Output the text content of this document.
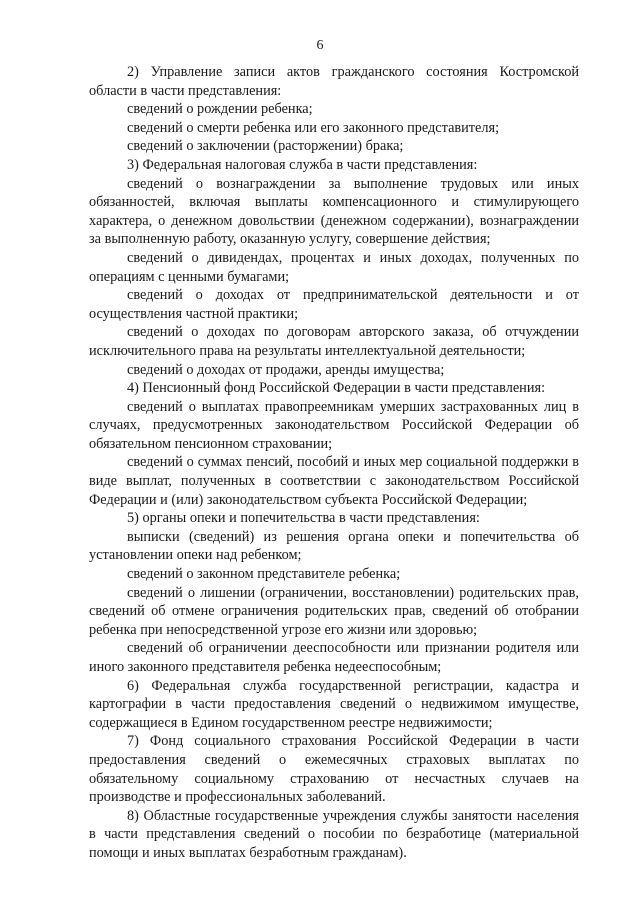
6

2) Управление записи актов гражданского состояния Костромской области в части представления:

сведений о рождении ребенка;

сведений о смерти ребенка или его законного представителя;

сведений о заключении (расторжении) брака;

3) Федеральная налоговая служба в части представления:

сведений о вознаграждении за выполнение трудовых или иных обязанностей, включая выплаты компенсационного и стимулирующего характера, о денежном довольствии (денежном содержании), вознаграждении за выполненную работу, оказанную услугу, совершение действия;

сведений о дивидендах, процентах и иных доходах, полученных по операциям с ценными бумагами;

сведений о доходах от предпринимательской деятельности и от осуществления частной практики;

сведений о доходах по договорам авторского заказа, об отчуждении исключительного права на результаты интеллектуальной деятельности;

сведений о доходах от продажи, аренды имущества;

4) Пенсионный фонд Российской Федерации в части представления:

сведений о выплатах правопреемникам умерших застрахованных лиц в случаях, предусмотренных законодательством Российской Федерации об обязательном пенсионном страховании;

сведений о суммах пенсий, пособий и иных мер социальной поддержки в виде выплат, полученных в соответствии с законодательством Российской Федерации и (или) законодательством субъекта Российской Федерации;

5) органы опеки и попечительства в части представления:

выписки (сведений) из решения органа опеки и попечительства об установлении опеки над ребенком;

сведений о законном представителе ребенка;

сведений о лишении (ограничении, восстановлении) родительских прав, сведений об отмене ограничения родительских прав, сведений об отобрании ребенка при непосредственной угрозе его жизни или здоровью;

сведений об ограничении дееспособности или признании родителя или иного законного представителя ребенка недееспособным;

6) Федеральная служба государственной регистрации, кадастра и картографии в части предоставления сведений о недвижимом имуществе, содержащиеся в Едином государственном реестре недвижимости;

7) Фонд социального страхования Российской Федерации в части предоставления сведений о ежемесячных страховых выплатах по обязательному социальному страхованию от несчастных случаев на производстве и профессиональных заболеваний.

8) Областные государственные учреждения службы занятости населения в части представления сведений о пособии по безработице (материальной помощи и иных выплатах безработным гражданам).
